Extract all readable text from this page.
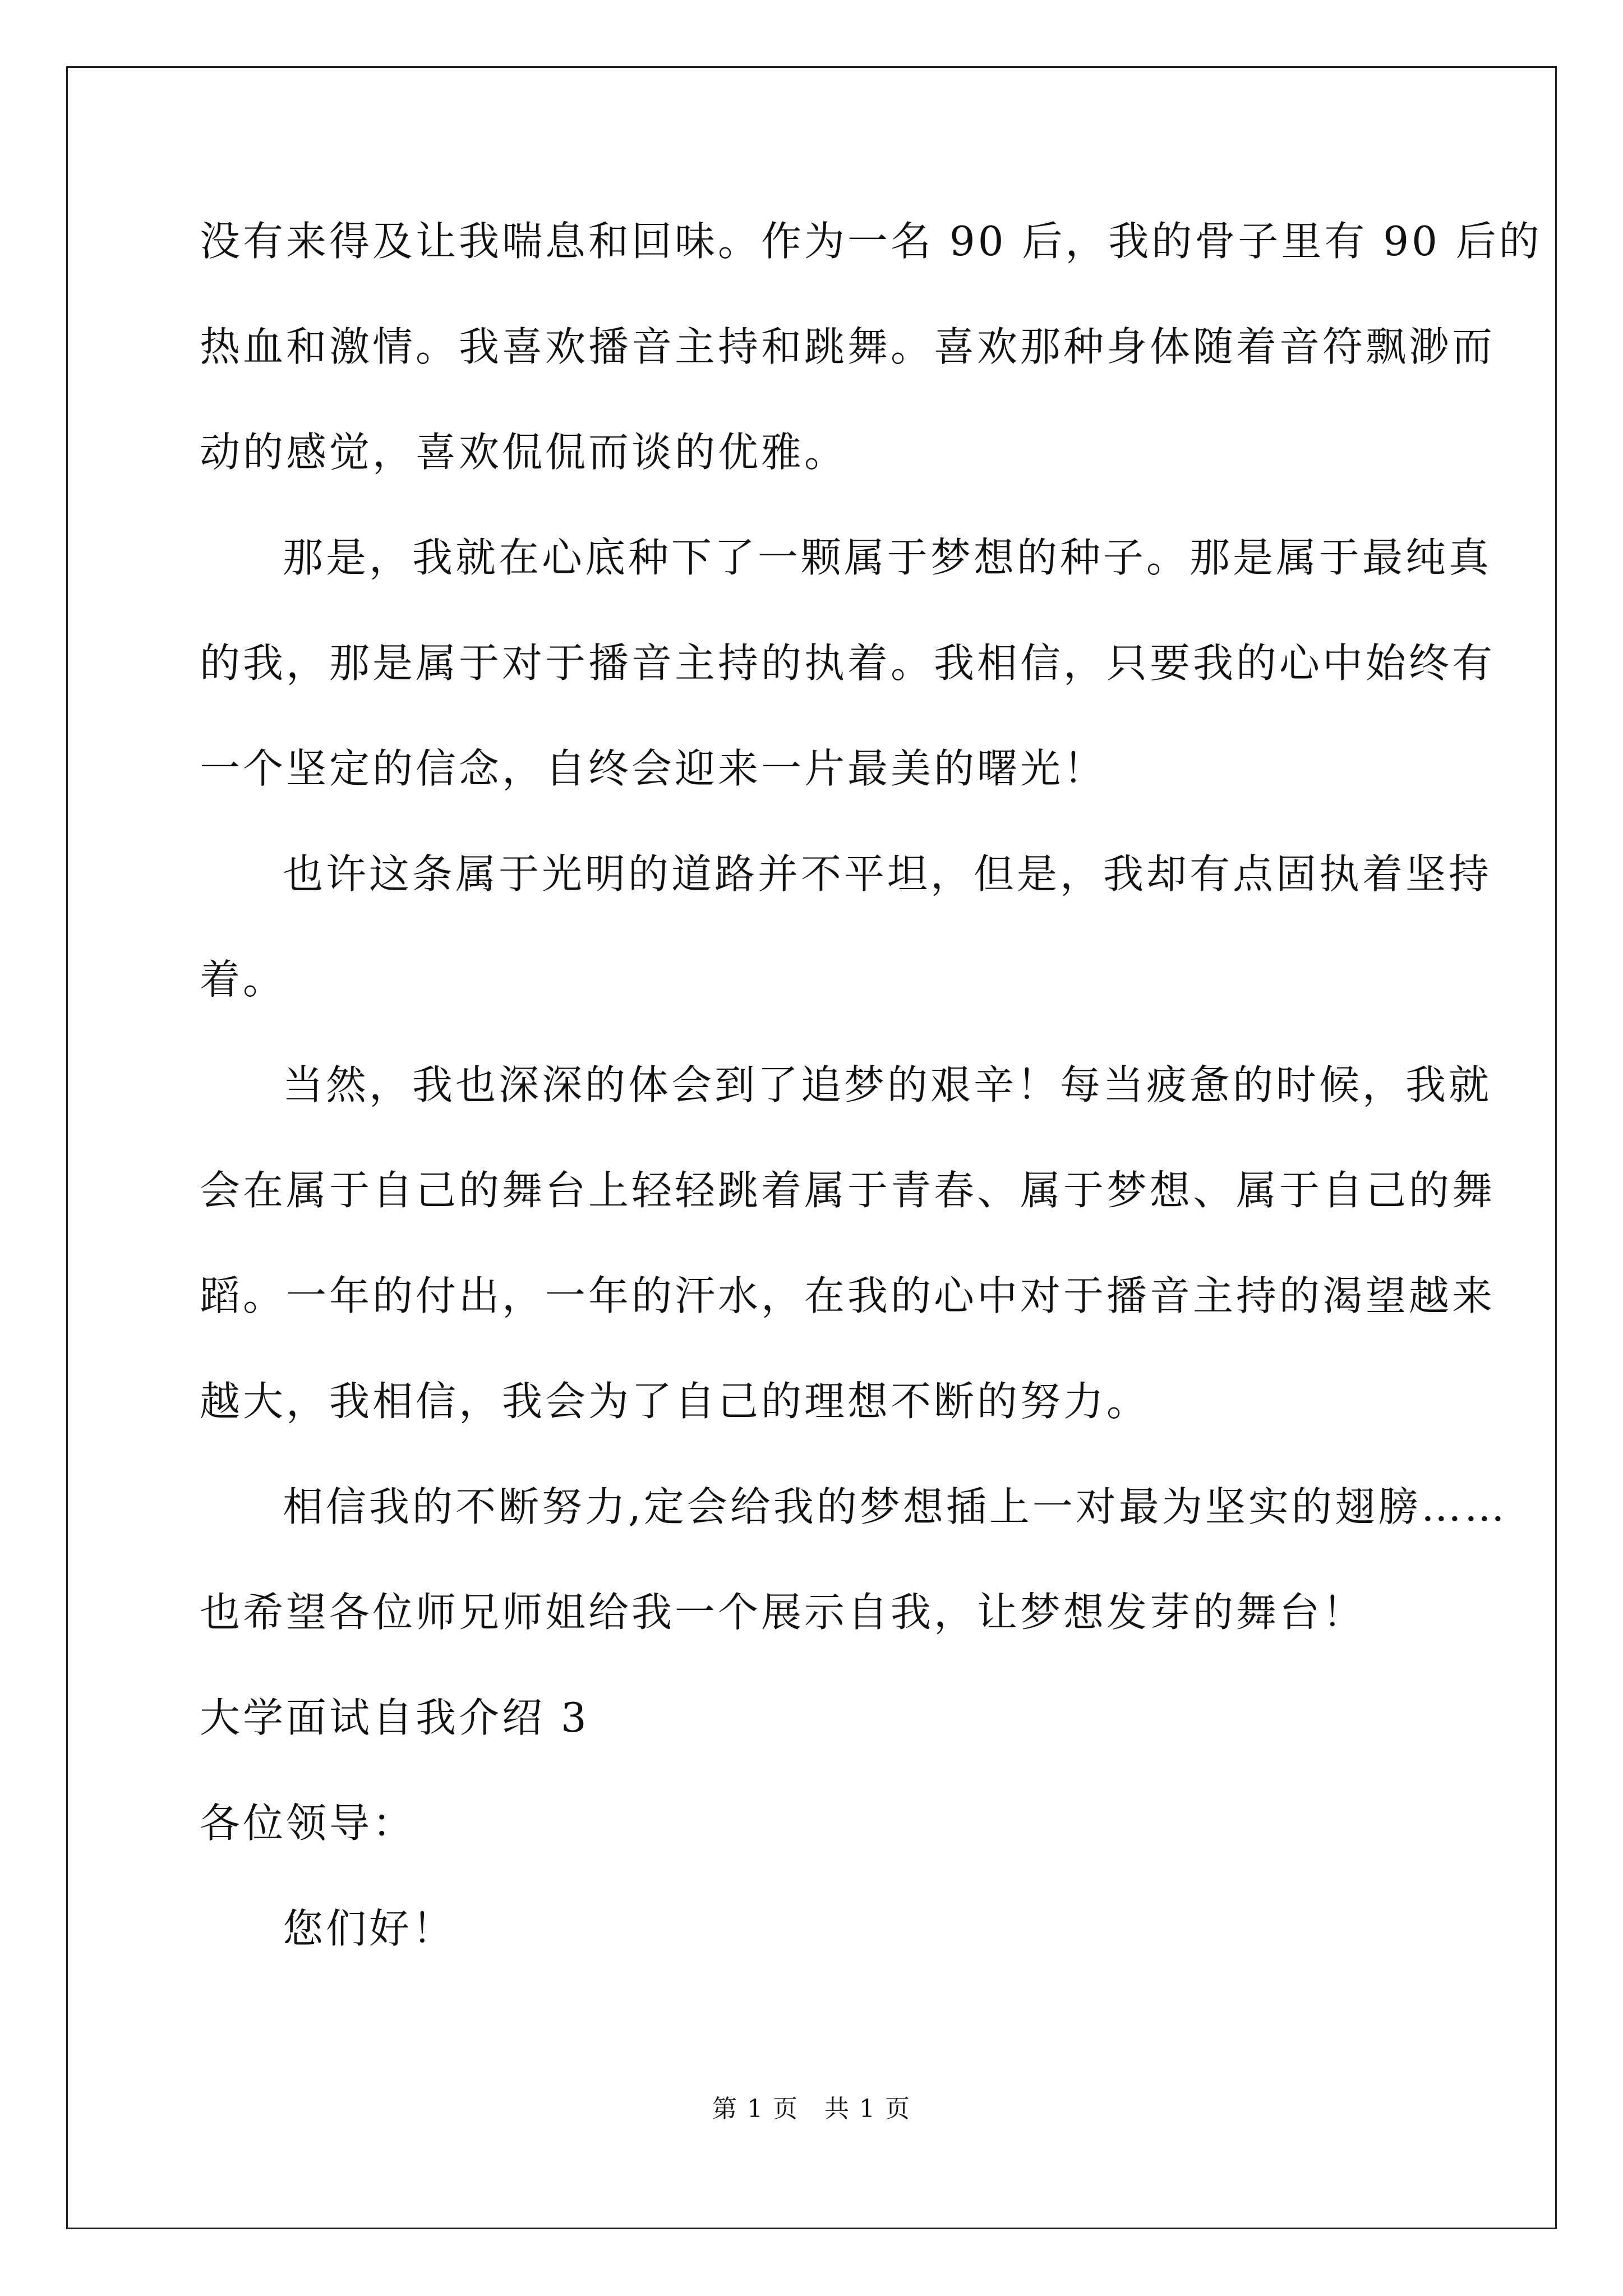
没有来得及让我喘息和回味。作为一名 90 后，我的骨子里有 90 后的
热血和激情。我喜欢播音主持和跳舞。喜欢那种身体随着音符飘渺而
动的感觉，喜欢侃侃而谈的优雅。
那是，我就在心底种下了一颗属于梦想的种子。那是属于最纯真
的我，那是属于对于播音主持的执着。我相信，只要我的心中始终有
一个坚定的信念，自终会迎来一片最美的曙光！
也许这条属于光明的道路并不平坦，但是，我却有点固执着坚持
着。
当然，我也深深的体会到了追梦的艰辛！每当疲惫的时候，我就
会在属于自己的舞台上轻轻跳着属于青春、属于梦想、属于自己的舞
蹈。一年的付出，一年的汗水，在我的心中对于播音主持的渴望越来
越大，我相信，我会为了自己的理想不断的努力。
相信我的不断努力,定会给我的梦想插上一对最为坚实的翅膀……
也希望各位师兄师姐给我一个展示自我，让梦想发芽的舞台！
大学面试自我介绍 3
各位领导：
您们好！
第 1 页　共 1 页
